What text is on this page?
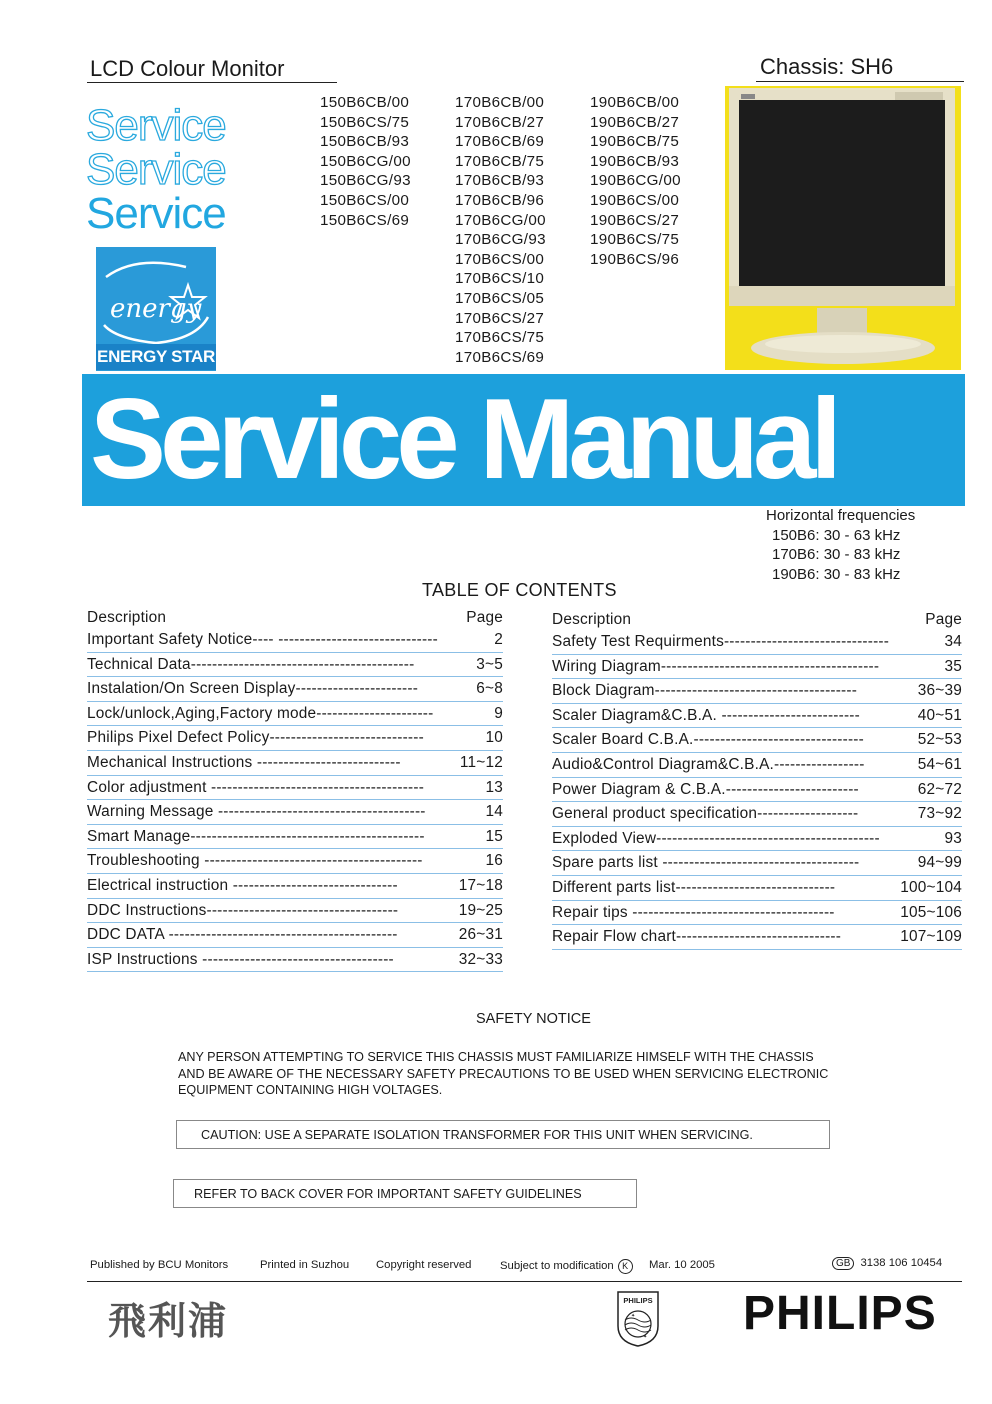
LCD Colour Monitor	Chassis: SH6
Service
Service
Service
energy
ENERGY STAR
150B6CB/00
150B6CS/75
150B6CB/93
150B6CG/00
150B6CG/93
150B6CS/00
150B6CS/69
170B6CB/00
170B6CB/27
170B6CB/69
170B6CB/75
170B6CB/93
170B6CB/96
170B6CG/00
170B6CG/93
170B6CS/00
170B6CS/10
170B6CS/05
170B6CS/27
170B6CS/75
170B6CS/69
190B6CB/00
190B6CB/27
190B6CB/75
190B6CB/93
190B6CG/00
190B6CS/00
190B6CS/27
190B6CS/75
190B6CS/96
Service Manual
Horizontal frequencies
150B6: 30 - 63 kHz
170B6: 30 - 83 kHz
190B6: 30 - 83 kHz
TABLE OF CONTENTS
Description	Page
Important Safety Notice---- ------------------------------	2
Technical Data------------------------------------------	3~5
Instalation/On Screen Display-----------------------	6~8
Lock/unlock,Aging,Factory mode----------------------	9
Philips Pixel Defect Policy-----------------------------	10
Mechanical Instructions ---------------------------	11~12
Color adjustment ----------------------------------------	13
Warning Message ---------------------------------------	14
Smart Manage--------------------------------------------	15
Troubleshooting -----------------------------------------	16
Electrical instruction -------------------------------	17~18
DDC Instructions------------------------------------	19~25
DDC DATA -------------------------------------------	26~31
ISP Instructions ------------------------------------	32~33
Description	Page
Safety Test Requirments-------------------------------	34
Wiring Diagram-----------------------------------------	35
Block Diagram--------------------------------------	36~39
Scaler Diagram&C.B.A. --------------------------	40~51
Scaler Board C.B.A.--------------------------------	52~53
Audio&Control Diagram&C.B.A.-----------------	54~61
Power Diagram & C.B.A.-------------------------	62~72
General product specification-------------------	73~92
Exploded View------------------------------------------	93
Spare parts list -------------------------------------	94~99
Different parts list------------------------------	100~104
Repair tips --------------------------------------	105~106
Repair Flow chart-------------------------------	107~109
SAFETY NOTICE
ANY PERSON ATTEMPTING TO SERVICE THIS CHASSIS MUST FAMILIARIZE HIMSELF WITH THE CHASSIS
AND BE AWARE OF THE NECESSARY SAFETY PRECAUTIONS TO BE USED WHEN SERVICING ELECTRONIC
EQUIPMENT CONTAINING HIGH VOLTAGES.
CAUTION: USE A SEPARATE ISOLATION TRANSFORMER FOR THIS UNIT WHEN SERVICING.
REFER TO BACK COVER FOR IMPORTANT SAFETY GUIDELINES
Published by BCU Monitors	Printed in Suzhou Copyright reserved	Subject to modification K	Mar. 10 2005	GB 3138 106 10454
飛利浦
PHILIPS
✦
✦ PHILIPS
